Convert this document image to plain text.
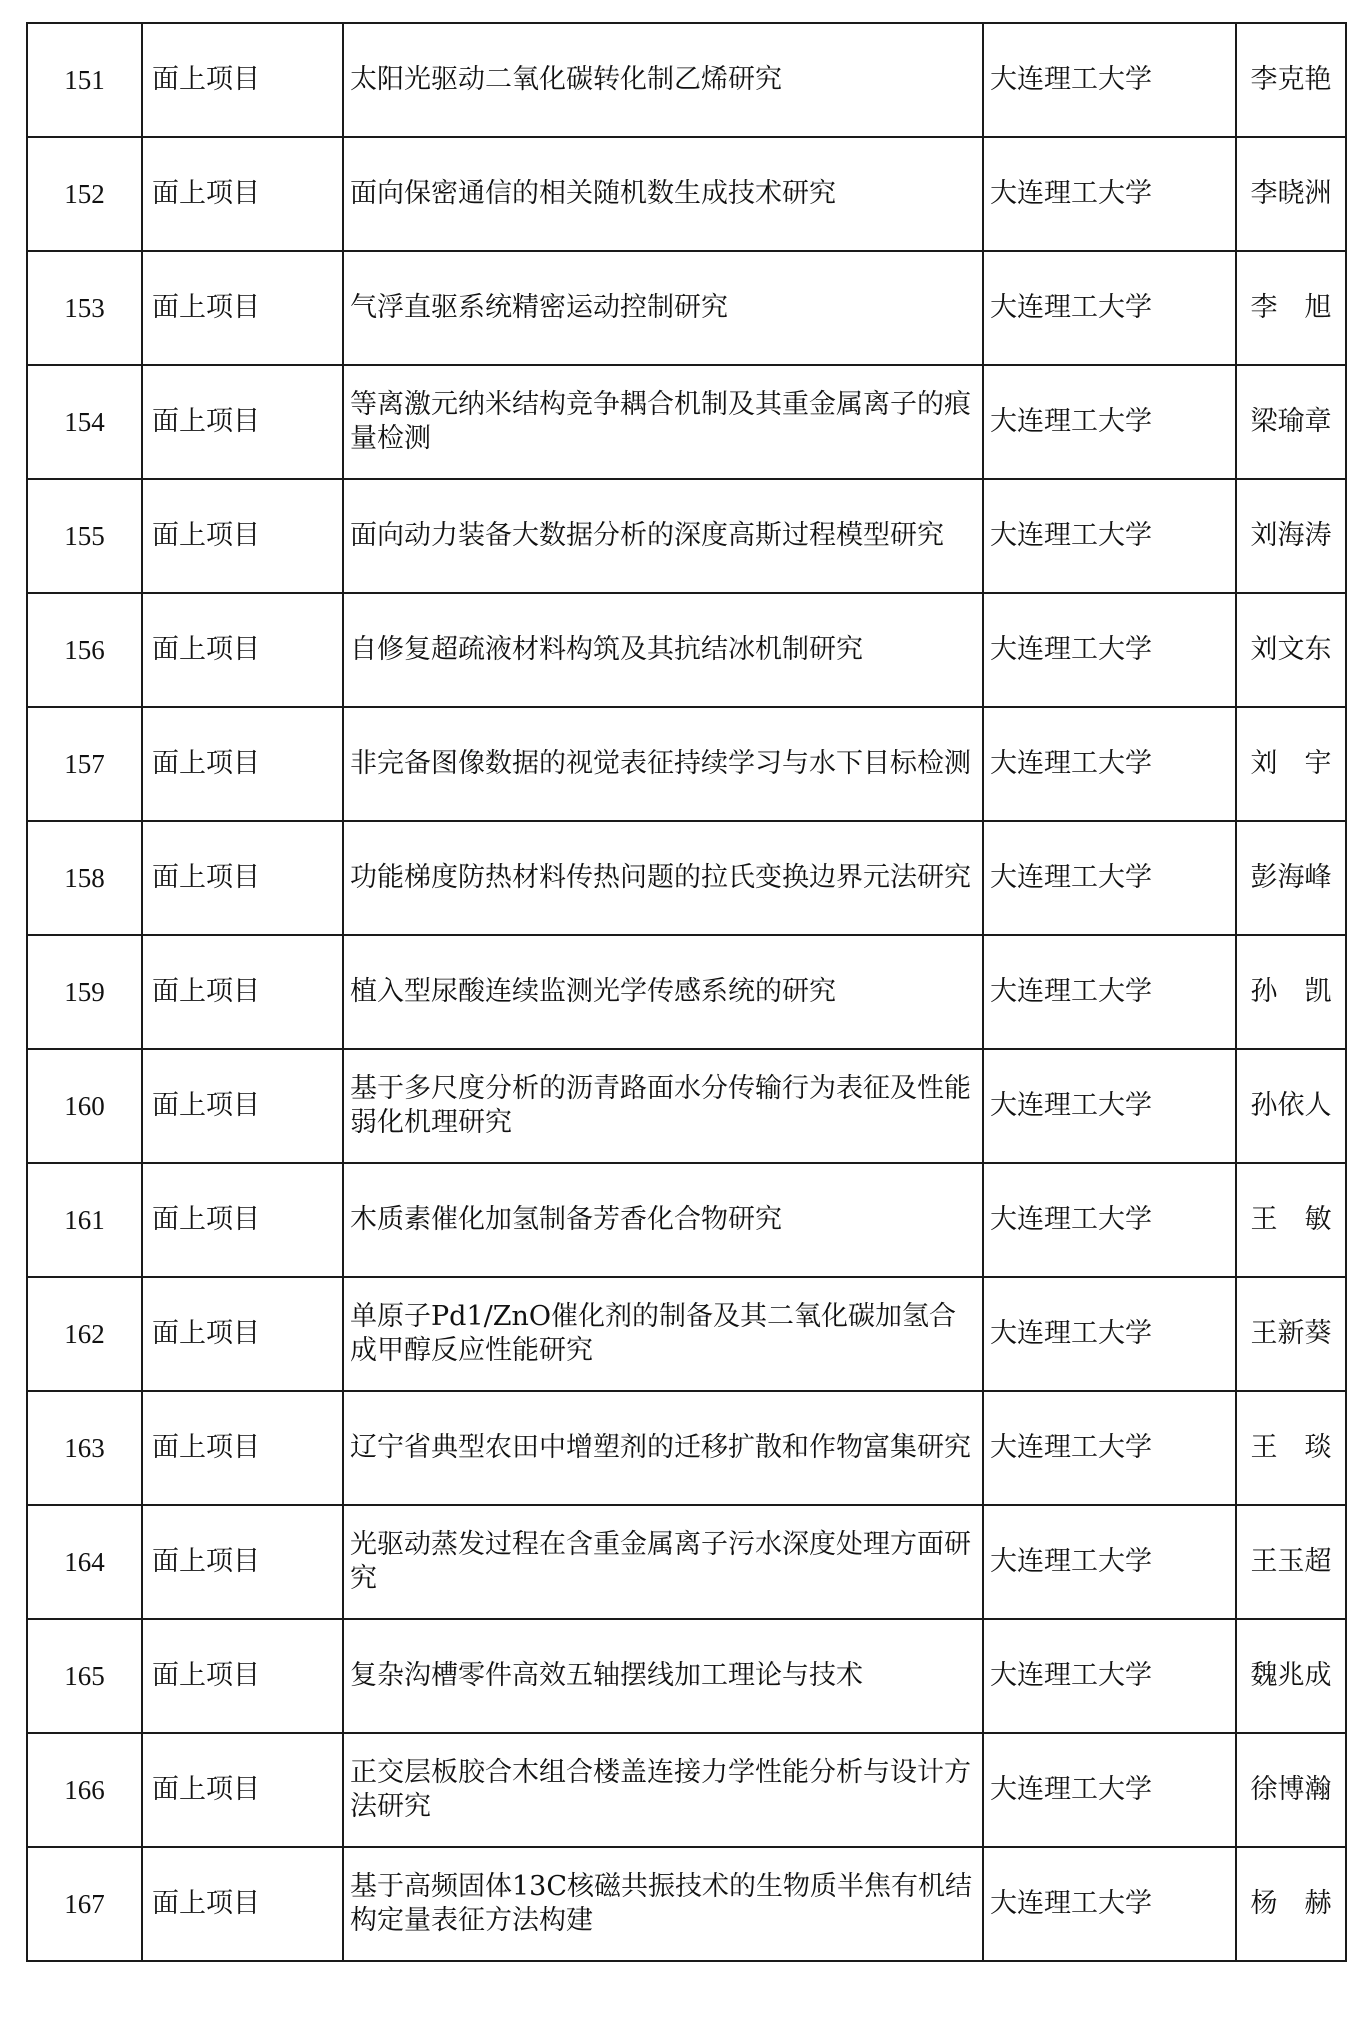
151	面上项目	太阳光驱动二氧化碳转化制乙烯研究	大连理工大学	李克艳
152	面上项目	面向保密通信的相关随机数生成技术研究	大连理工大学	李晓洲
153	面上项目	气浮直驱系统精密运动控制研究	大连理工大学	李　旭
154	面上项目	等离激元纳米结构竞争耦合机制及其重金属离子的痕量检测	大连理工大学	梁瑜章
155	面上项目	面向动力装备大数据分析的深度高斯过程模型研究	大连理工大学	刘海涛
156	面上项目	自修复超疏液材料构筑及其抗结冰机制研究	大连理工大学	刘文东
157	面上项目	非完备图像数据的视觉表征持续学习与水下目标检测	大连理工大学	刘　宇
158	面上项目	功能梯度防热材料传热问题的拉氏变换边界元法研究	大连理工大学	彭海峰
159	面上项目	植入型尿酸连续监测光学传感系统的研究	大连理工大学	孙　凯
160	面上项目	基于多尺度分析的沥青路面水分传输行为表征及性能弱化机理研究	大连理工大学	孙依人
161	面上项目	木质素催化加氢制备芳香化合物研究	大连理工大学	王　敏
162	面上项目	单原子Pd1/ZnO催化剂的制备及其二氧化碳加氢合成甲醇反应性能研究	大连理工大学	王新葵
163	面上项目	辽宁省典型农田中增塑剂的迁移扩散和作物富集研究	大连理工大学	王　琰
164	面上项目	光驱动蒸发过程在含重金属离子污水深度处理方面研究	大连理工大学	王玉超
165	面上项目	复杂沟槽零件高效五轴摆线加工理论与技术	大连理工大学	魏兆成
166	面上项目	正交层板胶合木组合楼盖连接力学性能分析与设计方法研究	大连理工大学	徐博瀚
167	面上项目	基于高频固体13C核磁共振技术的生物质半焦有机结构定量表征方法构建	大连理工大学	杨　赫
